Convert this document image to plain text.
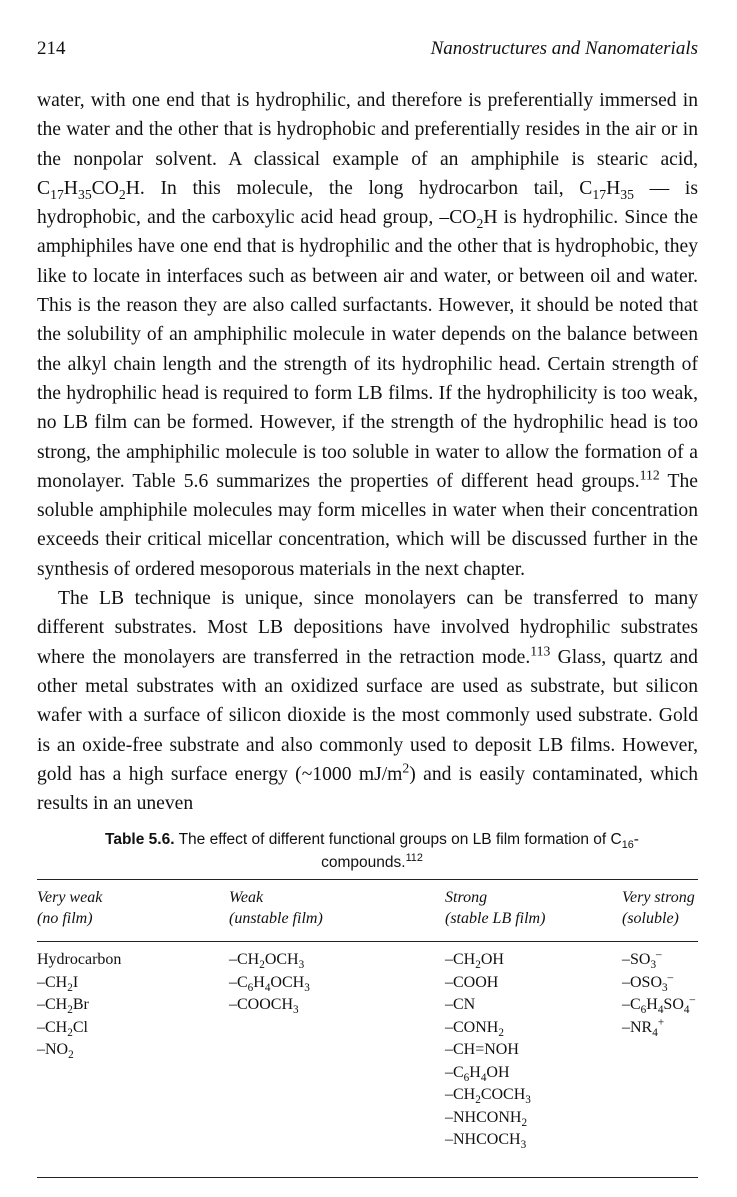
214	Nanostructures and Nanomaterials

water, with one end that is hydrophilic, and therefore is preferentially immersed in the water and the other that is hydrophobic and preferentially resides in the air or in the nonpolar solvent. A classical example of an amphiphile is stearic acid, $C_{17}H_{35}CO_2H$. In this molecule, the long hydrocarbon tail, $C_{17}H_{35}$ — is hydrophobic, and the carboxylic acid head group, $-CO_2H$ is hydrophilic. Since the amphiphiles have one end that is hydrophilic and the other that is hydrophobic, they like to locate in interfaces such as between air and water, or between oil and water. This is the reason they are also called surfactants. However, it should be noted that the solubility of an amphiphilic molecule in water depends on the balance between the alkyl chain length and the strength of its hydrophilic head. Certain strength of the hydrophilic head is required to form LB films. If the hydrophilicity is too weak, no LB film can be formed. However, if the strength of the hydrophilic head is too strong, the amphiphilic molecule is too soluble in water to allow the formation of a monolayer. Table 5.6 summarizes the properties of different head groups.$^{112}$ The soluble amphiphile molecules may form micelles in water when their concentration exceeds their critical micellar concentration, which will be discussed further in the synthesis of ordered mesoporous materials in the next chapter.

The LB technique is unique, since monolayers can be transferred to many different substrates. Most LB depositions have involved hydrophilic substrates where the monolayers are transferred in the retraction mode.$^{113}$ Glass, quartz and other metal substrates with an oxidized surface are used as substrate, but silicon wafer with a surface of silicon dioxide is the most commonly used substrate. Gold is an oxide-free substrate and also commonly used to deposit LB films. However, gold has a high surface energy (~1000 $mJ/m^2$) and is easily contaminated, which results in an uneven

Table 5.6. The effect of different functional groups on LB film formation of $C_{16}-compounds.^{112}$
Very weak
(no film)
Hydrocarbon
$-CH_2I$
$-CH_2Br$
$-CH_2Cl$
$-NO_2$
Weak
(unstable film)
$-CH_2OCH_3$
$-C_6H_4OCH_3$
$-COOCH_3$
Strong
(stable LB film)
$-CH_2OH$
–COOH
–CN
$-CONH_2$
–CH=NOH
$-C_6H_4OH$
$-CH_2COCH_3$
$-NHCONH_2$
$-NHCOCH_3$
Very strong
(soluble)
$-SO_3^-$
$-OSO_3^-$
$-C_6H_4SO_4^-$
$-NR_4^+$
